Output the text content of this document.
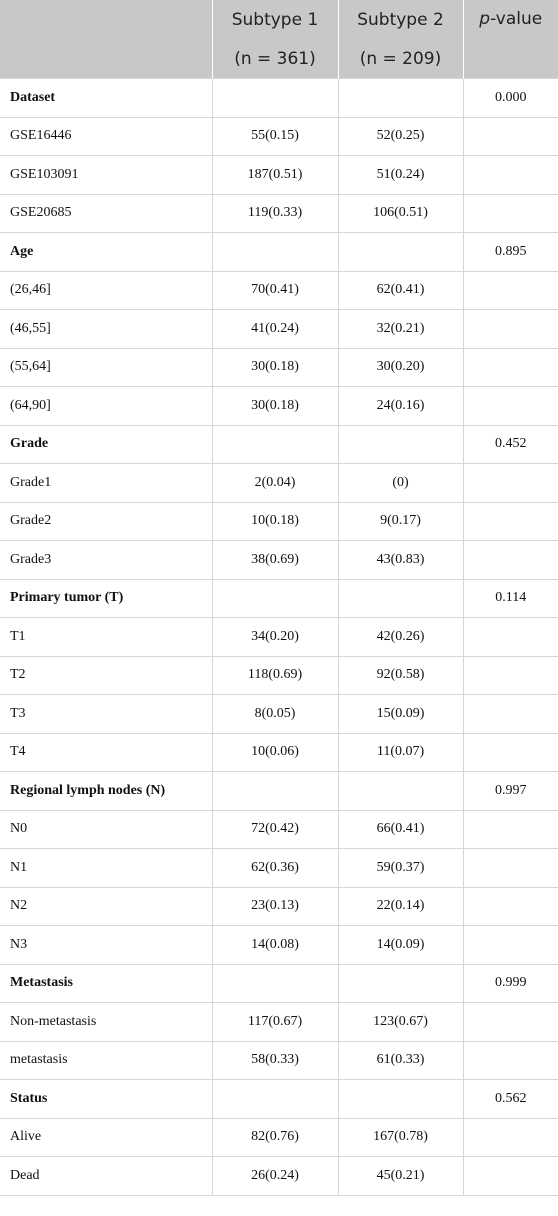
	Subtype 1	Subtype 2	p-value
	(n = 361)	(n = 209)	
Dataset			0.000
GSE16446	55(0.15)	52(0.25)	
GSE103091	187(0.51)	51(0.24)	
GSE20685	119(0.33)	106(0.51)	
Age			0.895
(26,46]	70(0.41)	62(0.41)	
(46,55]	41(0.24)	32(0.21)	
(55,64]	30(0.18)	30(0.20)	
(64,90]	30(0.18)	24(0.16)	
Grade			0.452
Grade1	2(0.04)	(0)	
Grade2	10(0.18)	9(0.17)	
Grade3	38(0.69)	43(0.83)	
Primary tumor (T)			0.114
T1	34(0.20)	42(0.26)	
T2	118(0.69)	92(0.58)	
T3	8(0.05)	15(0.09)	
T4	10(0.06)	11(0.07)	
Regional lymph nodes (N)			0.997
N0	72(0.42)	66(0.41)	
N1	62(0.36)	59(0.37)	
N2	23(0.13)	22(0.14)	
N3	14(0.08)	14(0.09)	
Metastasis			0.999
Non-metastasis	117(0.67)	123(0.67)	
metastasis	58(0.33)	61(0.33)	
Status			0.562
Alive	82(0.76)	167(0.78)	
Dead	26(0.24)	45(0.21)	
